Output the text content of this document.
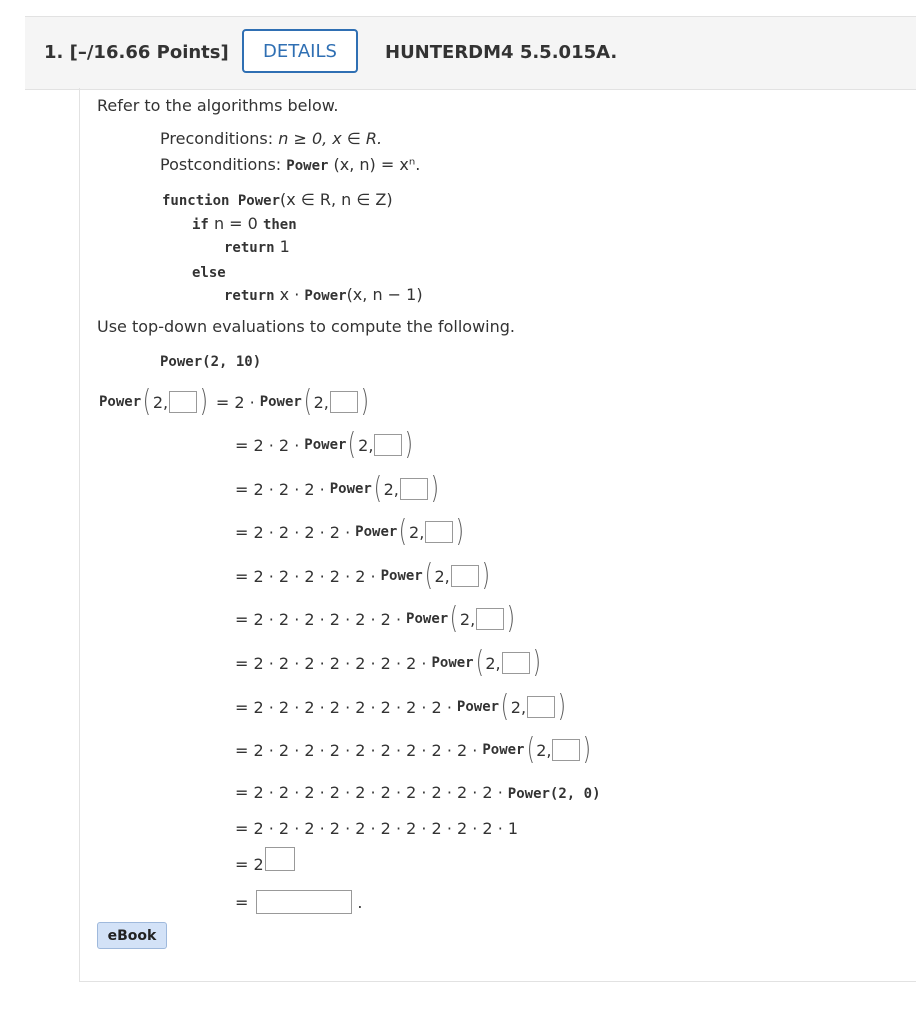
1. [–/16.66 Points]	DETAILS	HUNTERDM4 5.5.015A.
Refer to the algorithms below.
Preconditions: n ≥ 0, x ∈ R.
Postconditions: Power (x, n) = xⁿ.
function Power(x ∈ R, n ∈ Z)
if n = 0 then
return 1
else
return x · Power(x, n − 1)
Use top-down evaluations to compute the following.
Power(2, 10)
Power ( 2, ) = 2 · Power ( 2, )
= 2 · 2 · Power ( 2, )
= 2 · 2 · 2 · Power ( 2, )
= 2 · 2 · 2 · 2 · Power ( 2, )
= 2 · 2 · 2 · 2 · 2 · Power ( 2, )
= 2 · 2 · 2 · 2 · 2 · 2 · Power ( 2, )
= 2 · 2 · 2 · 2 · 2 · 2 · 2 · Power ( 2, )
= 2 · 2 · 2 · 2 · 2 · 2 · 2 · 2 · Power ( 2, )
= 2 · 2 · 2 · 2 · 2 · 2 · 2 · 2 · 2 · Power ( 2, )
= 2 · 2 · 2 · 2 · 2 · 2 · 2 · 2 · 2 · 2 · Power(2, 0)
= 2 · 2 · 2 · 2 · 2 · 2 · 2 · 2 · 2 · 2 · 1
= 2
=	.
eBook
